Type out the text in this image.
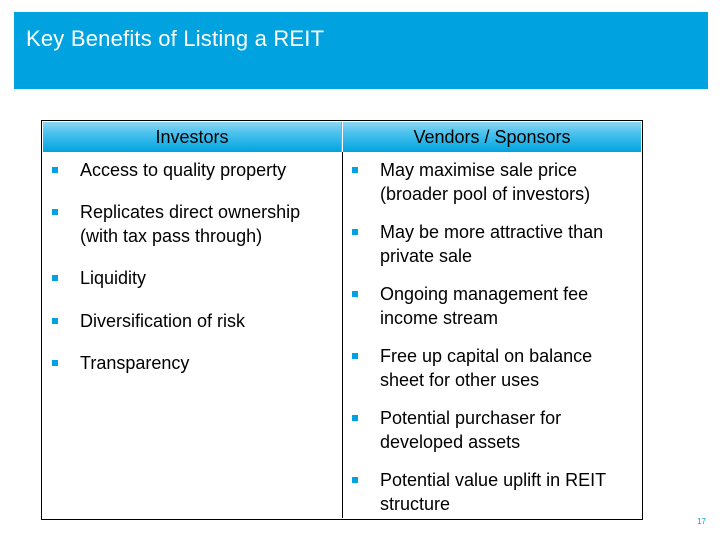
Key Benefits of Listing a REIT
Investors	Vendors / Sponsors
Access to quality property
Replicates direct ownership (with tax pass through)
Liquidity
Diversification of risk
Transparency
May maximise sale price (broader pool of investors)
May be more attractive than private sale
Ongoing management fee income stream
Free up capital on balance sheet for other uses
Potential purchaser for developed assets
Potential value uplift in REIT structure
17
